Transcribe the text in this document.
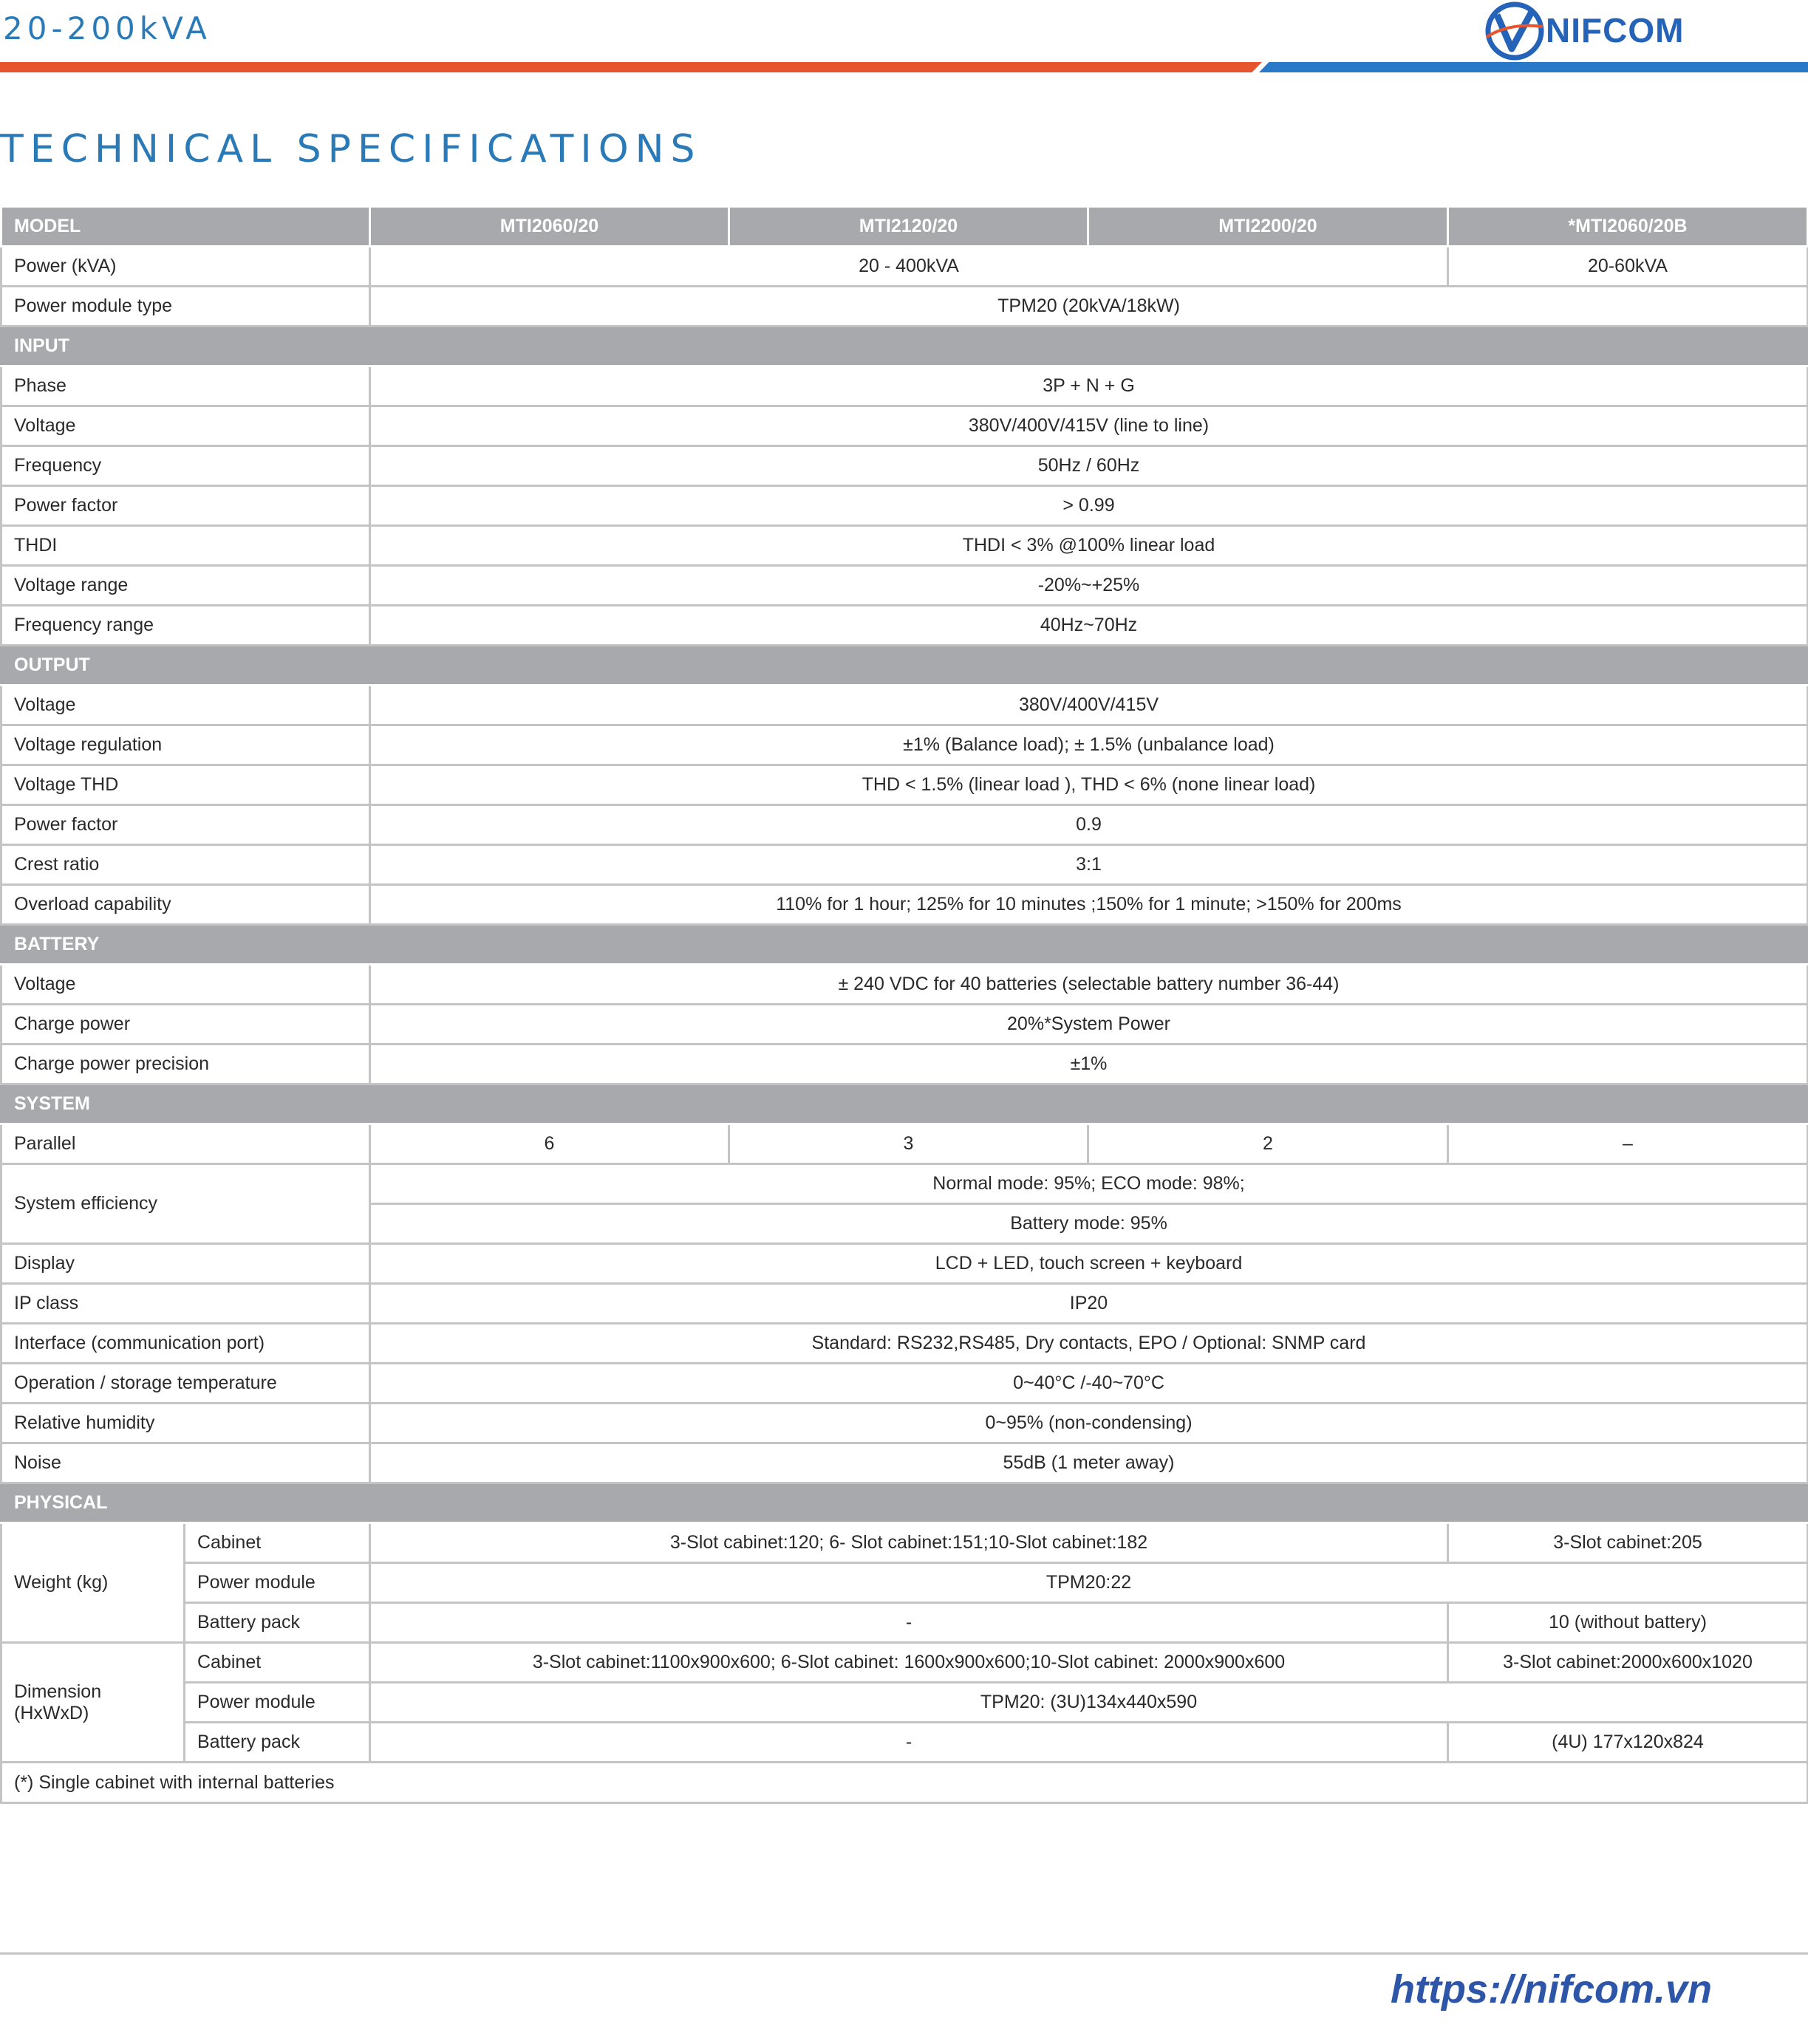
20-200kVA	NIFCOM
TECHNICAL SPECIFICATIONS
MODEL		MTI2060/20	MTI2120/20	MTI2200/20	*MTI2060/20B
Power (kVA)		20 - 400kVA			20-60kVA
Power module type		TPM20 (20kVA/18kW)			
INPUT					
Phase		3P + N + G			
Voltage		380V/400V/415V (line to line)			
Frequency		50Hz / 60Hz			
Power factor		> 0.99			
THDI		THDI < 3% @100% linear load			
Voltage range		-20%~+25%			
Frequency range		40Hz~70Hz			
OUTPUT					
Voltage		380V/400V/415V			
Voltage regulation		±1% (Balance load); ± 1.5% (unbalance load)			
Voltage THD		THD < 1.5% (linear load ), THD < 6% (none linear load)			
Power factor		0.9			
Crest ratio		3:1			
Overload capability		110% for 1 hour; 125% for 10 minutes ;150% for 1 minute; >150% for 200ms			
BATTERY					
Voltage		± 240 VDC for 40 batteries (selectable battery number 36-44)			
Charge power		20%*System Power			
Charge power precision		±1%			
SYSTEM					
Parallel		6	3	2	–
System efficiency		Normal mode: 95%; ECO mode: 98%;			
		Battery mode: 95%			
Display		LCD + LED, touch screen + keyboard			
IP class		IP20			
Interface (communication port)		Standard: RS232,RS485, Dry contacts, EPO / Optional: SNMP card			
Operation / storage temperature		0~40°C /-40~70°C			
Relative humidity		0~95% (non-condensing)			
Noise		55dB (1 meter away)			
PHYSICAL					
Weight (kg)	Cabinet	3-Slot cabinet:120; 6- Slot cabinet:151;10-Slot cabinet:182			3-Slot cabinet:205
	Power module	TPM20:22			
	Battery pack	-			10 (without battery)
Dimension
(HxWxD)	Cabinet	3-Slot cabinet:1100x900x600; 6-Slot cabinet: 1600x900x600;10-Slot cabinet: 2000x900x600			3-Slot cabinet:2000x600x1020
	Power module	TPM20: (3U)134x440x590			
	Battery pack	-			(4U) 177x120x824
(*) Single cabinet with internal batteries					
https://nifcom.vn
